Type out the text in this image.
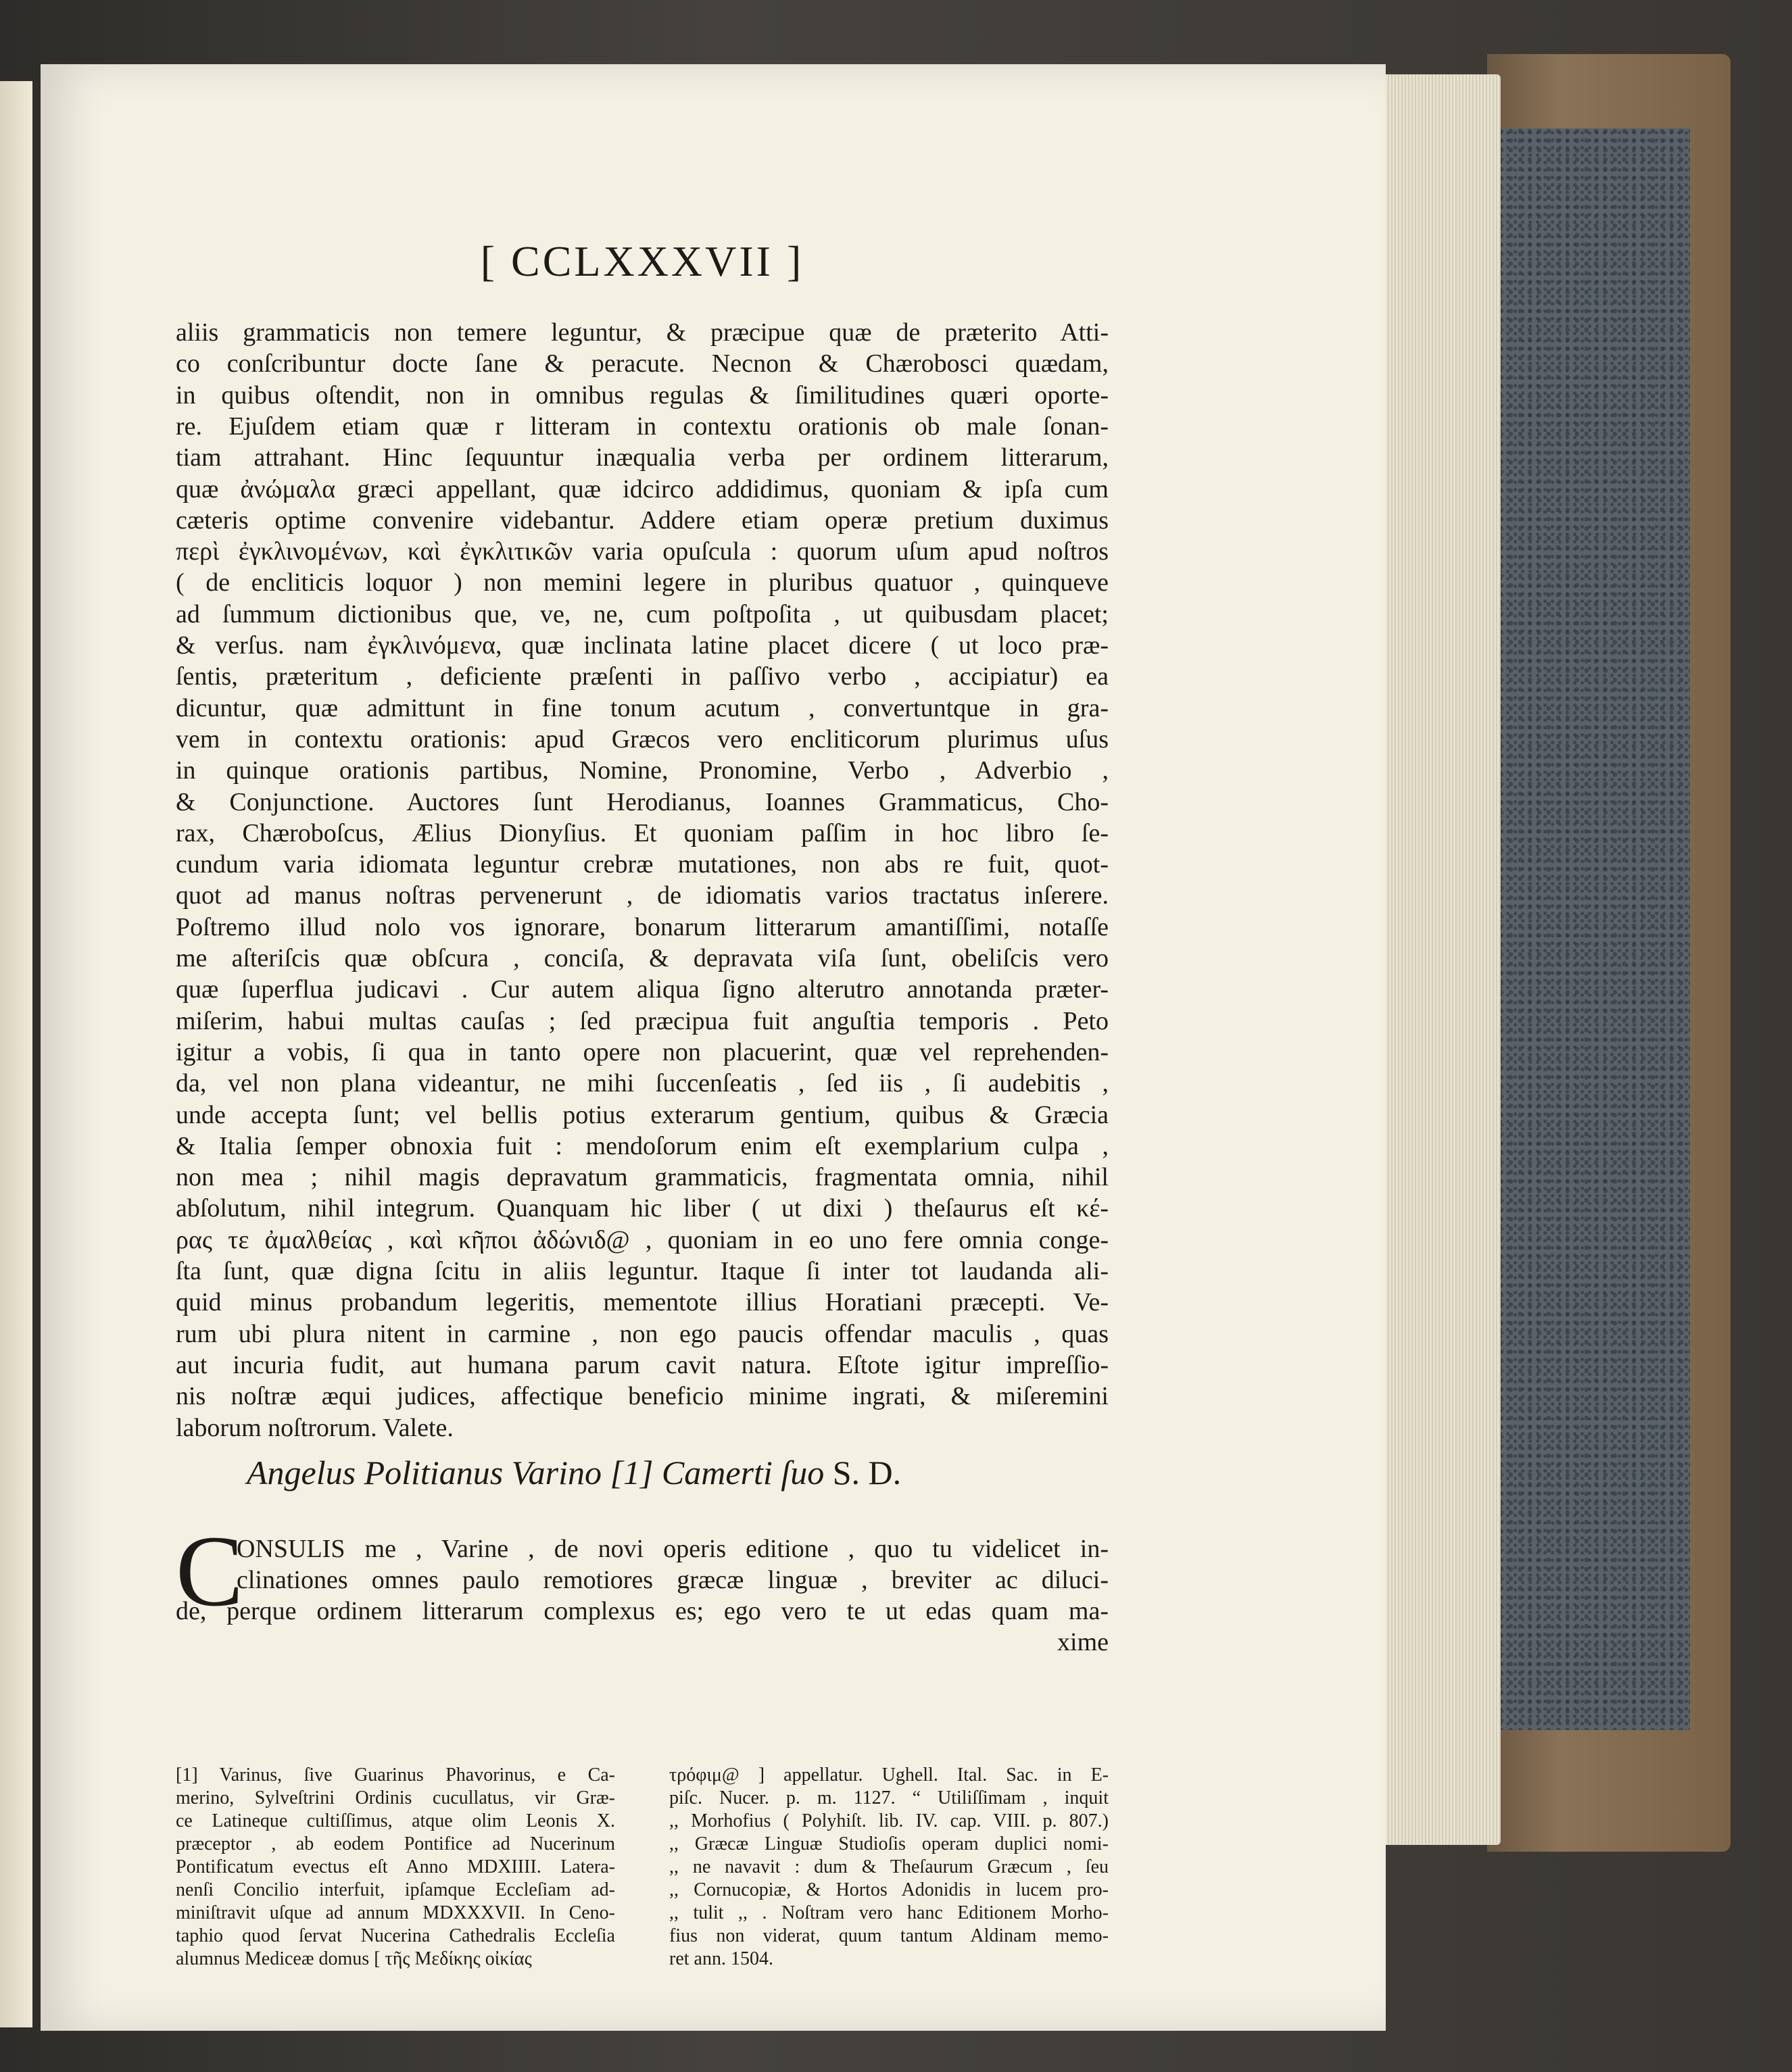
[ CCLXXXVII ]
aliis grammaticis non temere leguntur, & præcipue quæ de præterito Atti-
co conſcribuntur docte ſane & peracute. Necnon & Chærobosci quædam,
in quibus oſtendit, non in omnibus regulas & ſimilitudines quæri oporte-
re. Ejuſdem etiam quæ r litteram in contextu orationis ob male ſonan-
tiam attrahant. Hinc ſequuntur inæqualia verba per ordinem litterarum,
quæ ἀνώμαλα græci appellant, quæ idcirco addidimus, quoniam & ipſa cum
cæteris optime convenire videbantur. Addere etiam operæ pretium duximus
περὶ ἐγκλινομένων, καὶ ἐγκλιτικῶν varia opuſcula : quorum uſum apud noſtros
( de encliticis loquor ) non memini legere in pluribus quatuor , quinqueve
ad ſummum dictionibus que, ve, ne, cum poſtpoſita , ut quibusdam placet;
& verſus. nam ἐγκλινόμενα, quæ inclinata latine placet dicere ( ut loco præ-
ſentis, præteritum , deficiente præſenti in paſſivo verbo , accipiatur) ea
dicuntur, quæ admittunt in fine tonum acutum , convertuntque in gra-
vem in contextu orationis: apud Græcos vero encliticorum plurimus uſus
in quinque orationis partibus, Nomine, Pronomine, Verbo , Adverbio ,
& Conjunctione. Auctores ſunt Herodianus, Ioannes Grammaticus, Cho-
rax, Chæroboſcus, Ælius Dionyſius. Et quoniam paſſim in hoc libro ſe-
cundum varia idiomata leguntur crebræ mutationes, non abs re fuit, quot-
quot ad manus noſtras pervenerunt , de idiomatis varios tractatus inſerere.
Poſtremo illud nolo vos ignorare, bonarum litterarum amantiſſimi, notaſſe
me aſteriſcis quæ obſcura , conciſa, & depravata viſa ſunt, obeliſcis vero
quæ ſuperflua judicavi . Cur autem aliqua ſigno alterutro annotanda præter-
miſerim, habui multas cauſas ; ſed præcipua fuit anguſtia temporis . Peto
igitur a vobis, ſi qua in tanto opere non placuerint, quæ vel reprehenden-
da, vel non plana videantur, ne mihi ſuccenſeatis , ſed iis , ſi audebitis ,
unde accepta ſunt; vel bellis potius exterarum gentium, quibus & Græcia
& Italia ſemper obnoxia fuit : mendoſorum enim eſt exemplarium culpa ,
non mea ; nihil magis depravatum grammaticis, fragmentata omnia, nihil
abſolutum, nihil integrum. Quanquam hic liber ( ut dixi ) theſaurus eſt κέ-
ρας τε ἀμαλθείας , καὶ κῆποι ἀδώνιδ@ , quoniam in eo uno fere omnia conge-
ſta ſunt, quæ digna ſcitu in aliis leguntur. Itaque ſi inter tot laudanda ali-
quid minus probandum legeritis, mementote illius Horatiani præcepti. Ve-
rum ubi plura nitent in carmine , non ego paucis offendar maculis , quas
aut incuria fudit, aut humana parum cavit natura. Eſtote igitur impreſſio-
nis noſtræ æqui judices, affectique beneficio minime ingrati, & miſeremini
laborum noſtrorum. Valete.
Angelus Politianus Varino [1] Camerti ſuo S. D.
C
ONSULIS me , Varine , de novi operis editione , quo tu videlicet in-
clinationes omnes paulo remotiores græcæ linguæ , breviter ac diluci-
de, perque ordinem litterarum complexus es; ego vero te ut edas quam ma-
xime
[1] Varinus, ſive Guarinus Phavorinus, e Ca-
merino, Sylveſtrini Ordinis cucullatus, vir Græ-
ce Latineque cultiſſimus, atque olim Leonis X.
præceptor , ab eodem Pontifice ad Nucerinum
Pontificatum evectus eſt Anno MDXIIII. Latera-
nenſi Concilio interfuit, ipſamque Eccleſiam ad-
miniſtravit uſque ad annum MDXXXVII. In Ceno-
taphio quod ſervat Nucerina Cathedralis Eccleſia
alumnus Mediceæ domus [ τῆς Μεδίκης οἰκίας
τρόφιμ@ ] appellatur. Ughell. Ital. Sac. in E-
piſc. Nucer. p. m. 1127. “ Utiliſſimam , inquit
,, Morhofius ( Polyhiſt. lib. IV. cap. VIII. p. 807.)
,, Græcæ Linguæ Studioſis operam duplici nomi-
,, ne navavit : dum & Theſaurum Græcum , ſeu
,, Cornucopiæ, & Hortos Adonidis in lucem pro-
,, tulit ,, . Noſtram vero hanc Editionem Morho-
fius non viderat, quum tantum Aldinam memo-
ret ann. 1504.
